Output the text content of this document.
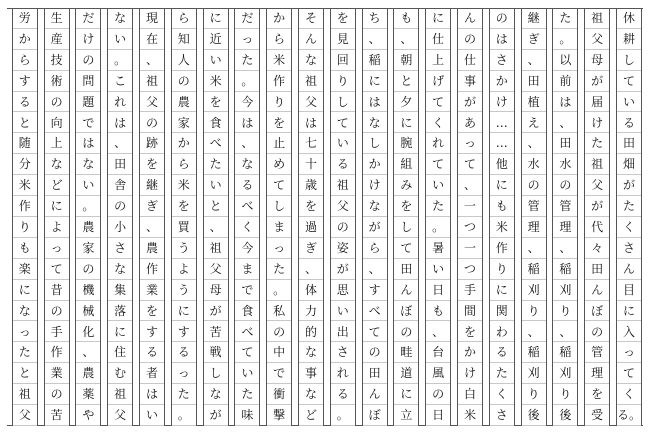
休
耕
し
て
い
る
田
畑
が
た
く
さ
ん
目
に
入
っ
て
く
る。
祖
父
母
が
届
け
た
祖
父
が
代
々
田
ん
ぼ
の
管
理
を
受
た
。
以
前
は
、
田
水
の
管
理
、
稲
刈
り
、
稲
刈
り
後
継
ぎ
、
田
植
え
、
水
の
管
理
、
稲
刈
り
、
稲
刈
り
後
の
は
さ
か
け
…
…
他
に
も
米
作
り
に
関
わ
る
た
く
さ
ん
の
仕
事
が
あ
っ
て
、
一
つ
一
つ
手
間
を
か
け
白
米
に
仕
上
げ
て
く
れ
て
い
た
。
暑
い
日
も
、
台
風
の
日
も
、
朝
と
夕
に
腕
組
み
を
し
て
田
ん
ぼ
の
畦
道
に
立
ち
、
稲
に
は
な
し
か
け
な
が
ら
、
す
べ
て
の
田
ん
ぼ
を
見
回
り
し
て
い
る
祖
父
の
姿
が
思
い
出
さ
れ
る
。
そ
ん
な
祖
父
は
七
十
歳
を
過
ぎ
、
体
力
的
な
事
な
ど
か
ら
米
作
り
を
止
め
て
し
ま
っ
た
。
私
の
中
で
衝
撃
だ
っ
た
。
今
は
、
な
る
べ
く
今
ま
で
食
べ
て
い
た
味
に
近
い
米
を
食
べ
た
い
と
、
祖
父
母
が
苦
戦
し
な
が
ら
知
人
の
農
家
か
ら
米
を
買
う
よ
う
に
す
る
っ
た
。
現
在
、
祖
父
の
跡
を
継
ぎ
、
農
作
業
を
す
る
者
は
い
な
い
。
こ
れ
は
、
田
舎
の
小
さ
な
集
落
に
住
む
祖
父
だ
け
の
問
題
で
は
な
い
。
農
家
の
機
械
化
、
農
薬
や
生
産
技
術
の
向
上
な
ど
に
よ
っ
て
昔
の
手
作
業
の
苦
労
か
ら
す
る
と
随
分
米
作
り
も
楽
に
な
っ
た
と
祖
父
